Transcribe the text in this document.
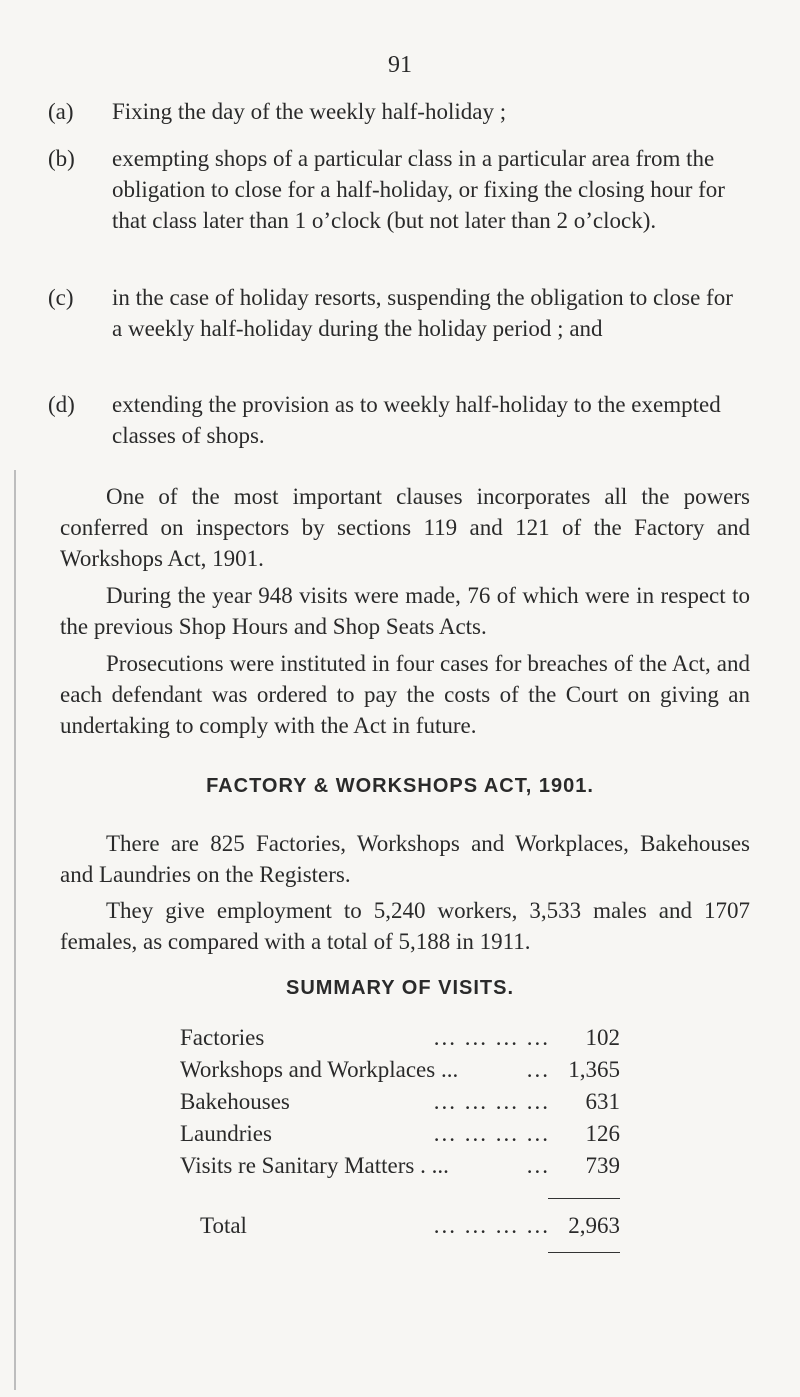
91
(a) Fixing the day of the weekly half-holiday ;
(b) exempting shops of a particular class in a particular area from the obligation to close for a half-holiday, or fixing the closing hour for that class later than 1 o’clock (but not later than 2 o’clock).
(c) in the case of holiday resorts, suspending the obligation to close for a weekly half-holiday during the holiday period ; and
(d) extending the provision as to weekly half-holiday to the exempted classes of shops.
One of the most important clauses incorporates all the powers conferred on inspectors by sections 119 and 121 of the Factory and Workshops Act, 1901.
During the year 948 visits were made, 76 of which were in respect to the previous Shop Hours and Shop Seats Acts.
Prosecutions were instituted in four cases for breaches of the Act, and each defendant was ordered to pay the costs of the Court on giving an undertaking to comply with the Act in future.
FACTORY & WORKSHOPS ACT, 1901.
There are 825 Factories, Workshops and Workplaces, Bakehouses and Laundries on the Registers.
They give employment to 5,240 workers, 3,533 males and 1707 females, as compared with a total of 5,188 in 1911.
SUMMARY OF VISITS.
Factories	... ... ... ...	102
Workshops and Workplaces ...	... 1,365
Bakehouses	... ... ... ...	631
Laundries	... ... ... ...	126
Visits re Sanitary Matters . ...	...	739
Total	... ... ... ... 2,963
